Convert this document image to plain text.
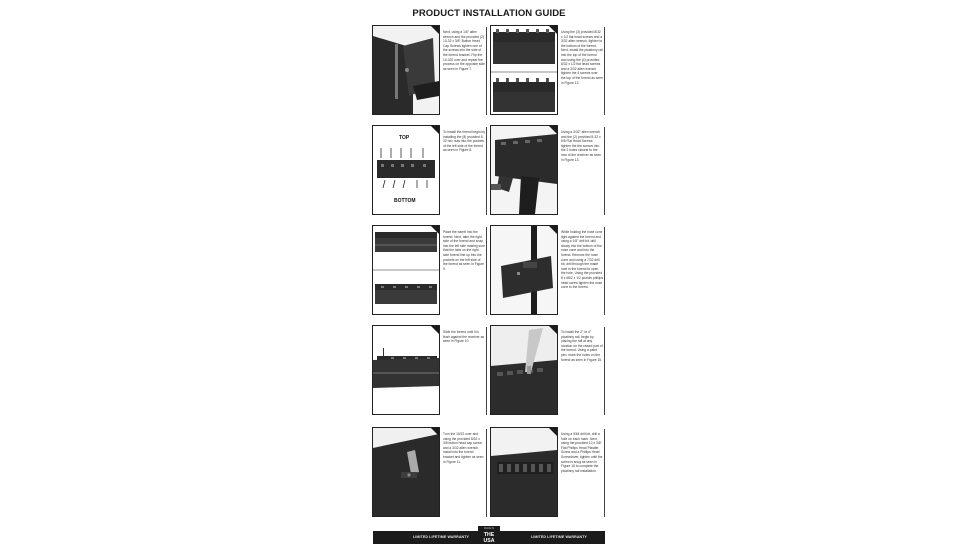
PRODUCT INSTALLATION GUIDE
Next, using a 1/8" allen wrench and the provided (2) 10-32 x 3/8" Button Head Cap Screws tighten one of the screws into the side of the forend bracket. Flip the 10-022 over and repeat the process on the opposite side as seen in Figure 7.
Using the (3) provided 8/32 x 1/2 flat head screws and a 3/32 allen wrench, tighten to the bottom of the forend. Next, install the picatinny rail into the top of the forend and using the (4) provided 8/32 x 1/2 flat head screws and a 3/32 allen wrench tighten the 4 screws over the top of the forend as seen in Figure 12.
TOP
BOTTOM
To install the forend begin by installing the (8) provided 8-32 hex nuts into the pockets of the left side of the forend as seen in Figure 8.
Using a 3/32" allen wrench and the (2) provided 8-32 x 5/8 Flat Head Screws tighten the the screws into the 2 holes closest to the rear of the receiver as seen in Figure 13.
Place the barrel into the forend. Next, take the right side of the forend and snap into the left side making sure that the tabs on the right side forend line up into the pockets on the left side of the forend as seen in Figure 9.
While holding the nose cone tight against the forend and using a 1/8" drill bit, drill slowly into the bottom of the nose cone and into the forend. Remove the nose cone and using a 7/32 drill bit, drill through the made hole in the forend to open the hole. Using the provided 8 x #8/2 x 1/2 pozidiv phillips head screw tighten the nose cone to the forend.
Slide the forend until it is flush against the receiver as seen in Figure 10.
To install the 2" or 4" picatinny rail, begin by placing the rail at any location on the raised part of the forend. Using a paint pen, mark the holes on the forend as seen in Figure 15.
Turn the 10/22 over and using the provided 8/32 x 3/8 button head cap screw, and a 3/32 allen wrench, install into the forend bracket and tighten as seen in Figure 11.
Using a 9/64 drill bit, drill a hole on each mark. Next, using the provided 10 x 3/8" Flat Phillips Head Plastite Screw and a Phillips Head Screwdriver, tighten until the screw is snug as seen in Figure 16 to complete the picatinny rail installation.
LIMITED LIFETIME WARRANTY
MADE IN
THE USA
LIMITED LIFETIME WARRANTY
